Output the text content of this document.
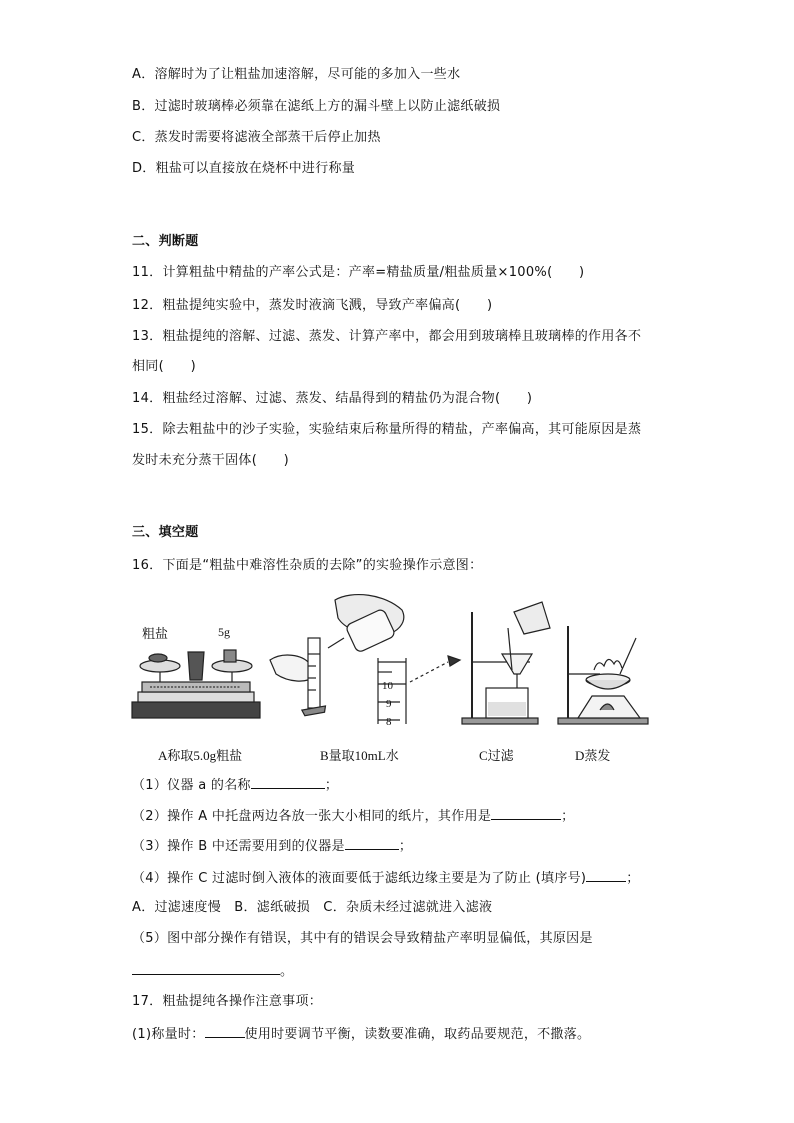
A．溶解时为了让粗盐加速溶解，尽可能的多加入一些水
B．过滤时玻璃棒必须靠在滤纸上方的漏斗壁上以防止滤纸破损
C．蒸发时需要将滤液全部蒸干后停止加热
D．粗盐可以直接放在烧杯中进行称量
二、判断题
11．计算粗盐中精盐的产率公式是：产率=精盐质量/粗盐质量×100%(　　)
12．粗盐提纯实验中，蒸发时液滴飞溅，导致产率偏高(　　)
13．粗盐提纯的溶解、过滤、蒸发、计算产率中，都会用到玻璃棒且玻璃棒的作用各不
相同(　　)
14．粗盐经过溶解、过滤、蒸发、结晶得到的精盐仍为混合物(　　)
15．除去粗盐中的沙子实验，实验结束后称量所得的精盐，产率偏高，其可能原因是蒸
发时未充分蒸干固体(　　)
三、填空题
16．下面是“粗盐中难溶性杂质的去除”的实验操作示意图：
粗盐	5g
10
9
8
A称取5.0g粗盐	B量取10mL水	C过滤	D蒸发
（1）仪器 a 的名称	；
（2）操作 A 中托盘两边各放一张大小相同的纸片，其作用是	；
（3）操作 B 中还需要用到的仪器是	；
（4）操作 C 过滤时倒入液体的液面要低于滤纸边缘主要是为了防止 (填序号)	；
A．过滤速度慢　B．滤纸破损　C．杂质未经过滤就进入滤液
（5）图中部分操作有错误，其中有的错误会导致精盐产率明显偏低，其原因是
。
17．粗盐提纯各操作注意事项：
(1)称量时：	使用时要调节平衡，读数要准确，取药品要规范，不撒落。
